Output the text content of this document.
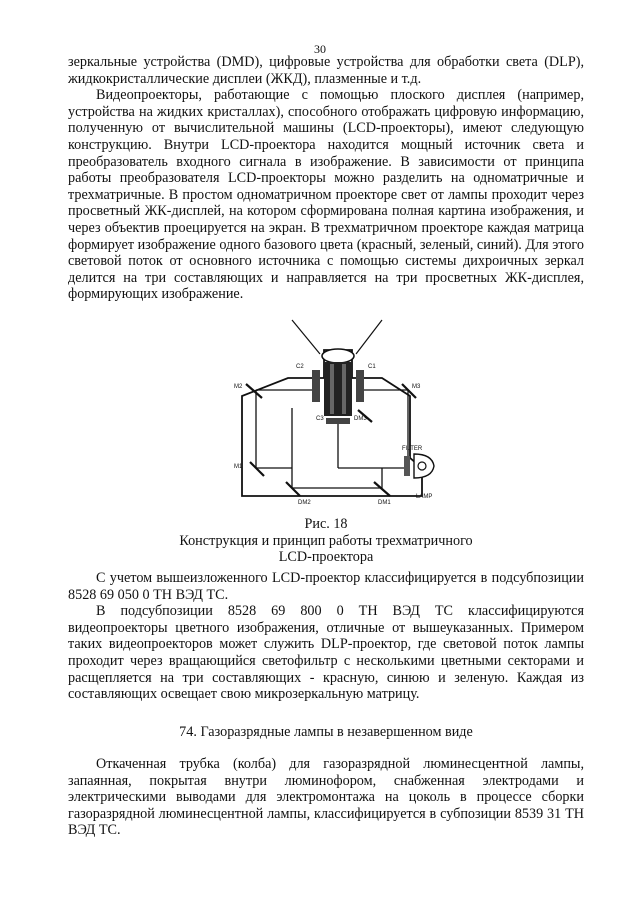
30

зеркальные устройства (DMD), цифровые устройства для обработки света (DLP), жидкокристаллические дисплеи (ЖКД), плазменные и т.д.

Видеопроекторы, работающие с помощью плоского дисплея (например, устройства на жидких кристаллах), способного отображать цифровую информацию, полученную от вычислительной машины (LCD-проекторы), имеют следующую конструкцию. Внутри LCD-проектора находится мощный источник света и преобразователь входного сигнала в изображение. В зависимости от принципа работы преобразователя LCD-проекторы можно разделить на одноматричные и трехматричные. В простом одноматричном проекторе свет от лампы проходит через просветный ЖК-дисплей, на котором сформирована полная картина изображения, и через объектив проецируется на экран. В трехматричном проекторе каждая матрица формирует изображение одного базового цвета (красный, зеленый, синий). Для этого световой поток от основного источника с помощью системы дихроичных зеркал делится на три составляющих и направляется на три просветных ЖК-дисплея, формирующих изображение.

C2	C1
M2	M3
C3	DM3
M1
DM2	DM1
FILTER
LAMP
Рис. 18
Конструкция и принцип работы трехматричного
LCD-проектора

С учетом вышеизложенного LCD-проектор классифицируется в подсубпозиции 8528 69 050 0 ТН ВЭД ТС.

В подсубпозиции 8528 69 800 0 ТН ВЭД ТС классифицируются видеопроекторы цветного изображения, отличные от вышеуказанных. Примером таких видеопроекторов может служить DLP-проектор, где световой поток лампы проходит через вращающийся светофильтр с несколькими цветными секторами и расщепляется на три составляющих - красную, синюю и зеленую. Каждая из составляющих освещает свою микрозеркальную матрицу.

74. Газоразрядные лампы в незавершенном виде

Откаченная трубка (колба) для газоразрядной люминесцентной лампы, запаянная, покрытая внутри люминофором, снабженная электродами и электрическими выводами для электромонтажа на цоколь в процессе сборки газоразрядной люминесцентной лампы, классифицируется в субпозиции 8539 31 ТН ВЭД ТС.
